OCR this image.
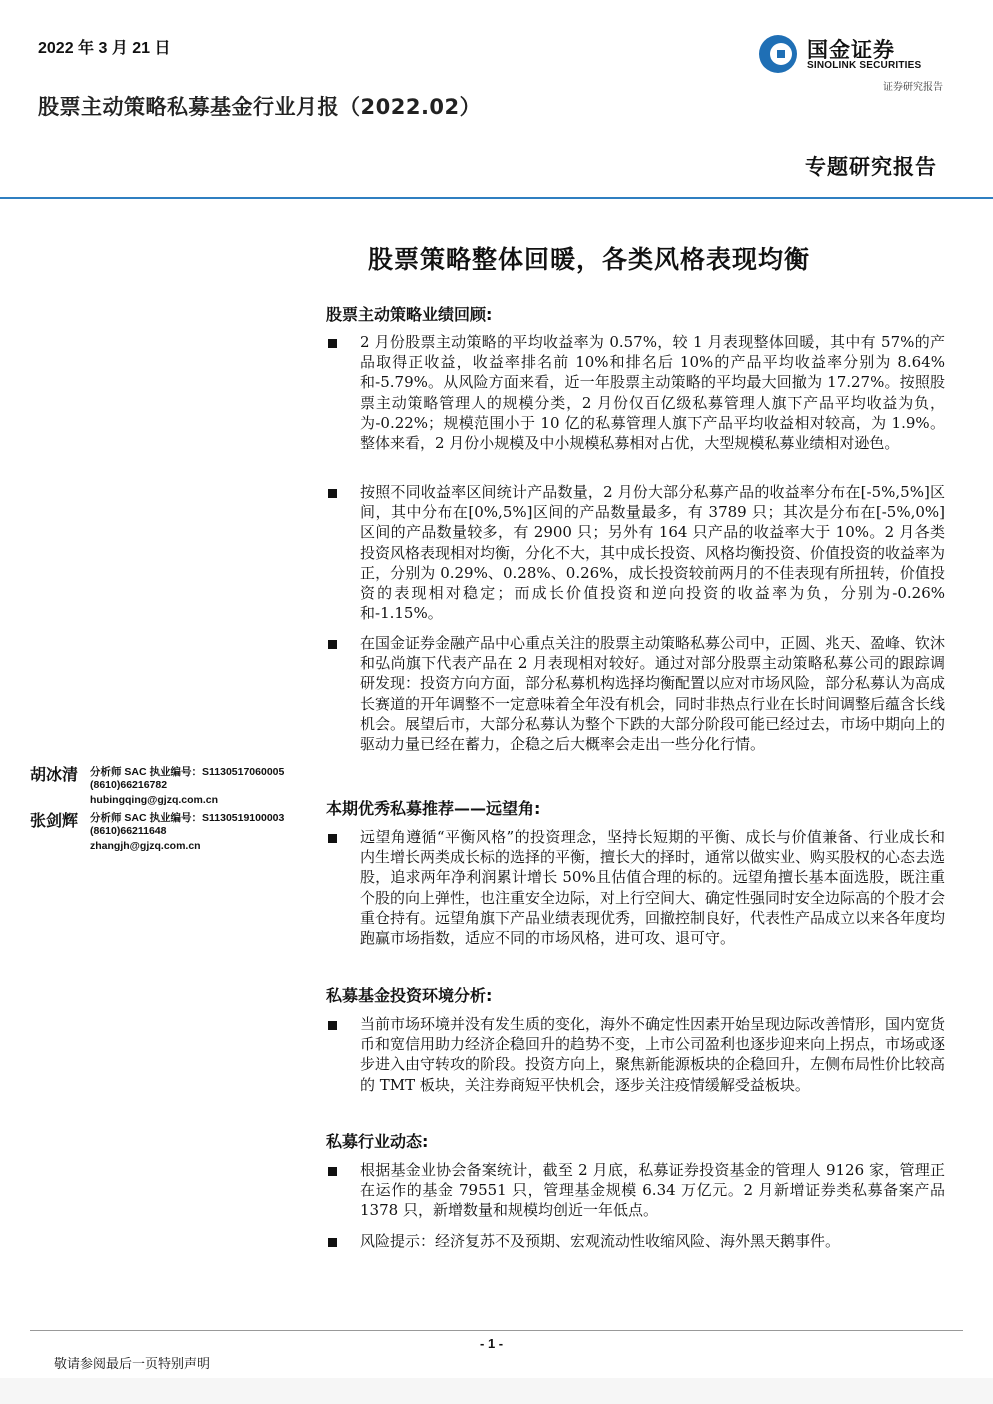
2022 年 3 月 21 日
股票主动策略私募基金行业月报（2022.02）
国金证券
SINOLINK SECURITIES
证券研究报告
专题研究报告
股票策略整体回暖，各类风格表现均衡
股票主动策略业绩回顾:
2 月份股票主动策略的平均收益率为 0.57%，较 1 月表现整体回暖，其中有 57%的产品取得正收益，收益率排名前 10%和排名后 10%的产品平均收益率分别为 8.64%和-5.79%。从风险方面来看，近一年股票主动策略的平均最大回撤为 17.27%。按照股票主动策略管理人的规模分类，2 月份仅百亿级私募管理人旗下产品平均收益为负，为-0.22%；规模范围小于 10 亿的私募管理人旗下产品平均收益相对较高，为 1.9%。整体来看，2 月份小规模及中小规模私募相对占优，大型规模私募业绩相对逊色。
按照不同收益率区间统计产品数量，2 月份大部分私募产品的收益率分布在[-5%,5%]区间，其中分布在[0%,5%]区间的产品数量最多，有 3789 只；其次是分布在[-5%,0%]区间的产品数量较多，有 2900 只；另外有 164 只产品的收益率大于 10%。2 月各类投资风格表现相对均衡，分化不大，其中成长投资、风格均衡投资、价值投资的收益率为正，分别为 0.29%、0.28%、0.26%，成长投资较前两月的不佳表现有所扭转，价值投资的表现相对稳定；而成长价值投资和逆向投资的收益率为负，分别为-0.26%和-1.15%。
在国金证券金融产品中心重点关注的股票主动策略私募公司中，正圆、兆天、盈峰、钦沐和弘尚旗下代表产品在 2 月表现相对较好。通过对部分股票主动策略私募公司的跟踪调研发现：投资方向方面，部分私募机构选择均衡配置以应对市场风险，部分私募认为高成长赛道的开年调整不一定意味着全年没有机会，同时非热点行业在长时间调整后蕴含长线机会。展望后市，大部分私募认为整个下跌的大部分阶段可能已经过去，市场中期向上的驱动力量已经在蓄力，企稳之后大概率会走出一些分化行情。
本期优秀私募推荐——远望角:
远望角遵循“平衡风格”的投资理念，坚持长短期的平衡、成长与价值兼备、行业成长和内生增长两类成长标的选择的平衡，擅长大的择时，通常以做实业、购买股权的心态去选股，追求两年净利润累计增长 50%且估值合理的标的。远望角擅长基本面选股，既注重个股的向上弹性，也注重安全边际，对上行空间大、确定性强同时安全边际高的个股才会重仓持有。远望角旗下产品业绩表现优秀，回撤控制良好，代表性产品成立以来各年度均跑赢市场指数，适应不同的市场风格，进可攻、退可守。
私募基金投资环境分析:
当前市场环境并没有发生质的变化，海外不确定性因素开始呈现边际改善情形，国内宽货币和宽信用助力经济企稳回升的趋势不变，上市公司盈利也逐步迎来向上拐点，市场或逐步进入由守转攻的阶段。投资方向上，聚焦新能源板块的企稳回升，左侧布局性价比较高的 TMT 板块，关注券商短平快机会，逐步关注疫情缓解受益板块。
私募行业动态:
根据基金业协会备案统计，截至 2 月底，私募证券投资基金的管理人 9126 家，管理正在运作的基金 79551 只，管理基金规模 6.34 万亿元。2 月新增证券类私募备案产品 1378 只，新增数量和规模均创近一年低点。
风险提示：经济复苏不及预期、宏观流动性收缩风险、海外黑天鹅事件。
胡冰清 分析师 SAC 执业编号：S1130517060005
(8610)66216782
hubingqing@gjzq.com.cn
张剑辉 分析师 SAC 执业编号：S1130519100003
(8610)66211648
zhangjh@gjzq.com.cn
- 1 -
敬请参阅最后一页特别声明
